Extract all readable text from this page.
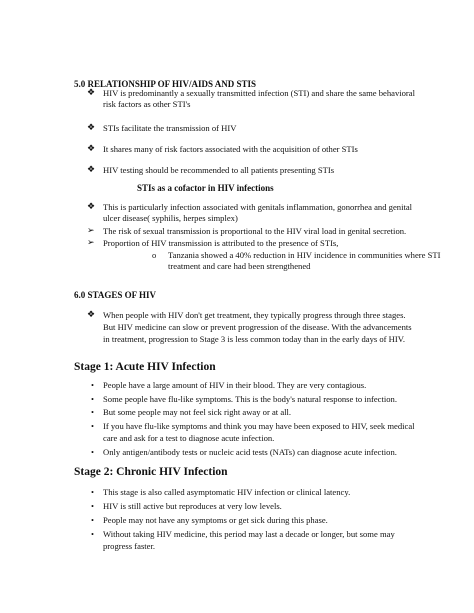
5.0 RELATIONSHIP OF HIV/AIDS AND STIS
❖ HIV is predominantly a sexually transmitted infection (STI) and share the same behavioral
risk factors as other STI's
❖ STIs facilitate the transmission of HIV
❖ It shares many of risk factors associated with the acquisition of other STIs
❖ HIV testing should be recommended to all patients presenting STIs
STIs as a cofactor in HIV infections
❖ This is particularly infection associated with genitals inflammation, gonorrhea and genital
ulcer disease( syphilis, herpes simplex)
➢ The risk of sexual transmission is proportional to the HIV viral load in genital secretion.
➢ Proportion of HIV transmission is attributed to the presence of STIs,
o Tanzania showed a 40% reduction in HIV incidence in communities where STI
treatment and care had been strengthened
6.0 STAGES OF HIV
❖ When people with HIV don't get treatment, they typically progress through three stages.
But HIV medicine can slow or prevent progression of the disease. With the advancements
in treatment, progression to Stage 3 is less common today than in the early days of HIV.
Stage 1: Acute HIV Infection
• People have a large amount of HIV in their blood. They are very contagious.
• Some people have flu-like symptoms. This is the body's natural response to infection.
• But some people may not feel sick right away or at all.
• If you have flu-like symptoms and think you may have been exposed to HIV, seek medical
care and ask for a test to diagnose acute infection.
• Only antigen/antibody tests or nucleic acid tests (NATs) can diagnose acute infection.
Stage 2: Chronic HIV Infection
• This stage is also called asymptomatic HIV infection or clinical latency.
• HIV is still active but reproduces at very low levels.
• People may not have any symptoms or get sick during this phase.
• Without taking HIV medicine, this period may last a decade or longer, but some may
progress faster.
